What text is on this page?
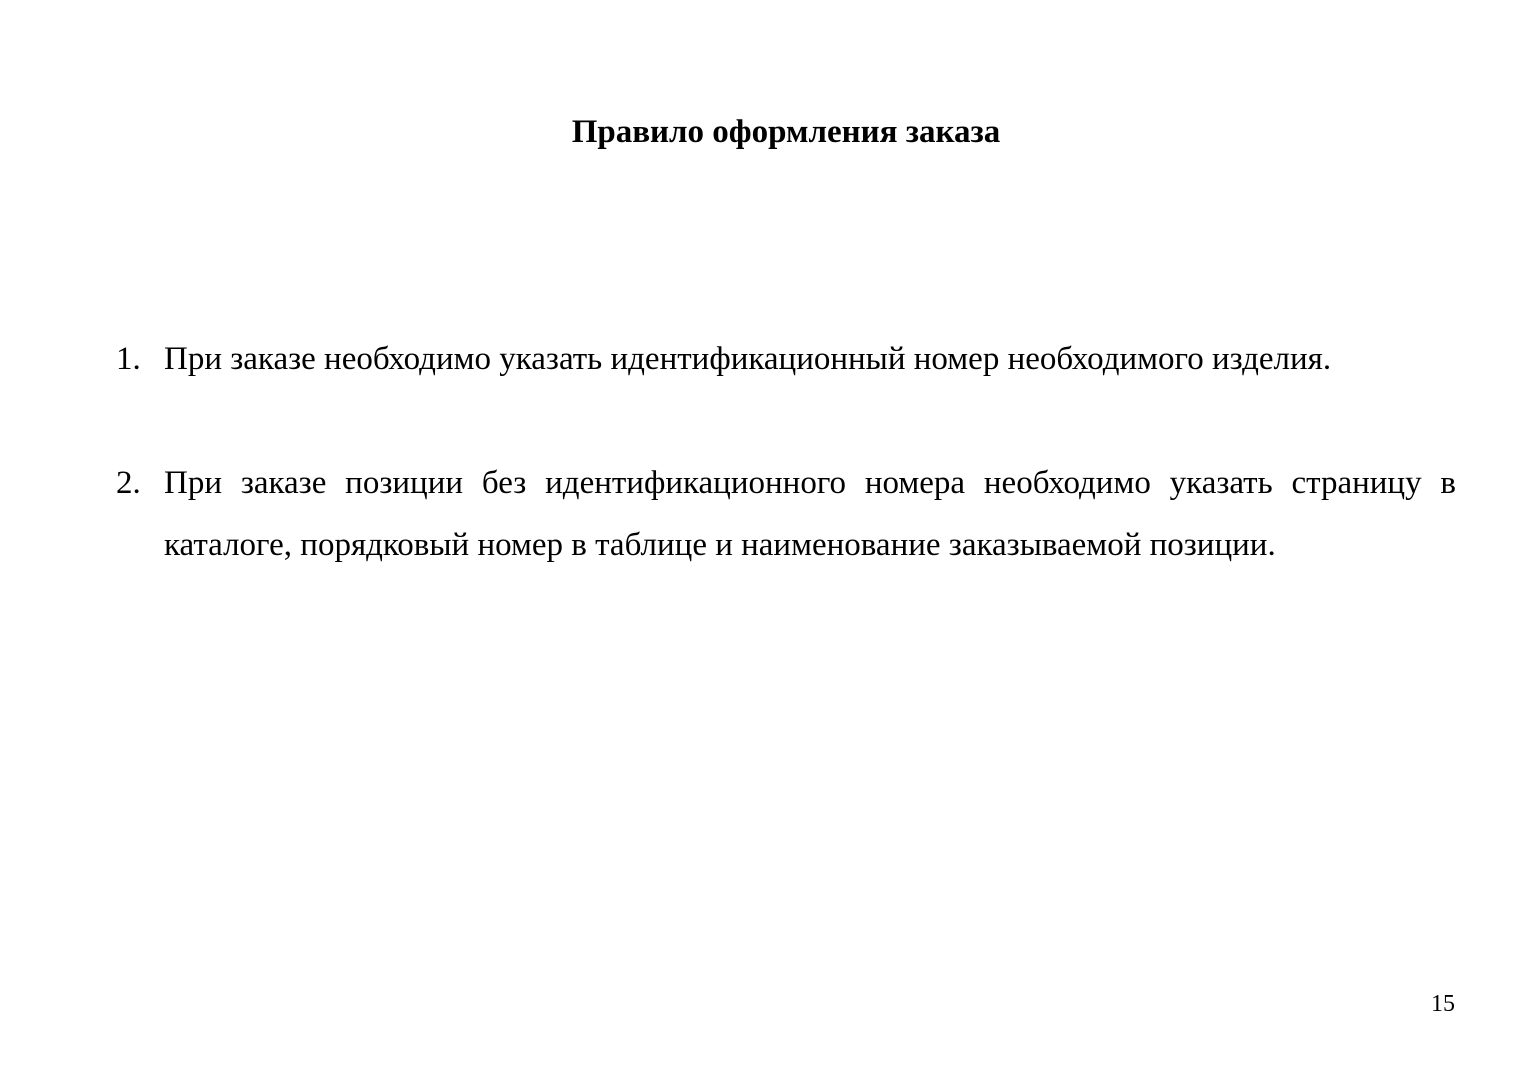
Правило оформления заказа
1. При заказе необходимо указать идентификационный номер необходимого изделия.
2. При заказе позиции без идентификационного номера необходимо указать страницу в каталоге, порядковый номер в таблице и наименование заказываемой позиции.
15
